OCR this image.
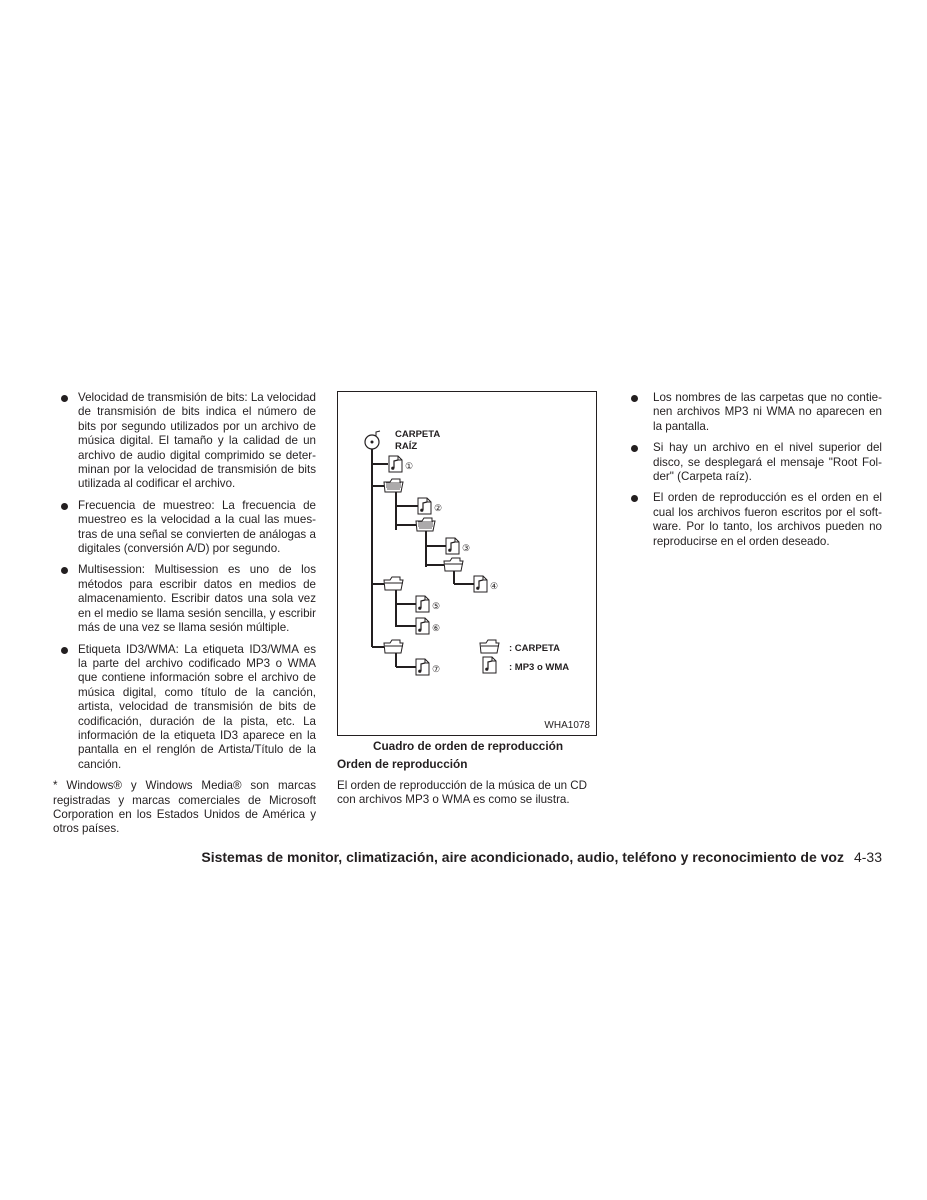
Velocidad de transmisión de bits: La velocidad de transmisión de bits indica el número de bits por segundo utilizados por un archivo de música digital. El tamaño y la calidad de un archivo de audio digital comprimido se determinan por la velocidad de transmisión de bits utilizada al codificar el archivo.
Frecuencia de muestreo: La frecuencia de muestreo es la velocidad a la cual las muestras de una señal se convierten de análogas a digitales (conversión A/D) por segundo.
Multisession: Multisession es uno de los métodos para escribir datos en medios de almacenamiento. Escribir datos una sola vez en el medio se llama sesión sencilla, y escribir más de una vez se llama sesión múltiple.
Etiqueta ID3/WMA: La etiqueta ID3/WMA es la parte del archivo codificado MP3 o WMA que contiene información sobre el archivo de música digital, como título de la canción, artista, velocidad de transmisión de bits de codificación, duración de la pista, etc. La información de la etiqueta ID3 aparece en la pantalla en el renglón de Artista/Título de la canción.
* Windows® y Windows Media® son marcas registradas y marcas comerciales de Microsoft Corporation en los Estados Unidos de América y otros países.
CARPETA
RAÍZ
①
②
③
④
⑤
⑥
⑦
: CARPETA
: MP3 o WMA
WHA1078
Cuadro de orden de reproducción
Orden de reproducción
El orden de reproducción de la música de un CD con archivos MP3 o WMA es como se ilustra.
Los nombres de las carpetas que no contienen archivos MP3 ni WMA no aparecen en la pantalla.
Si hay un archivo en el nivel superior del disco, se desplegará el mensaje "Root Folder" (Carpeta raíz).
El orden de reproducción es el orden en el cual los archivos fueron escritos por el software. Por lo tanto, los archivos pueden no reproducirse en el orden deseado.
Sistemas de monitor, climatización, aire acondicionado, audio, teléfono y reconocimiento de voz 4-33
